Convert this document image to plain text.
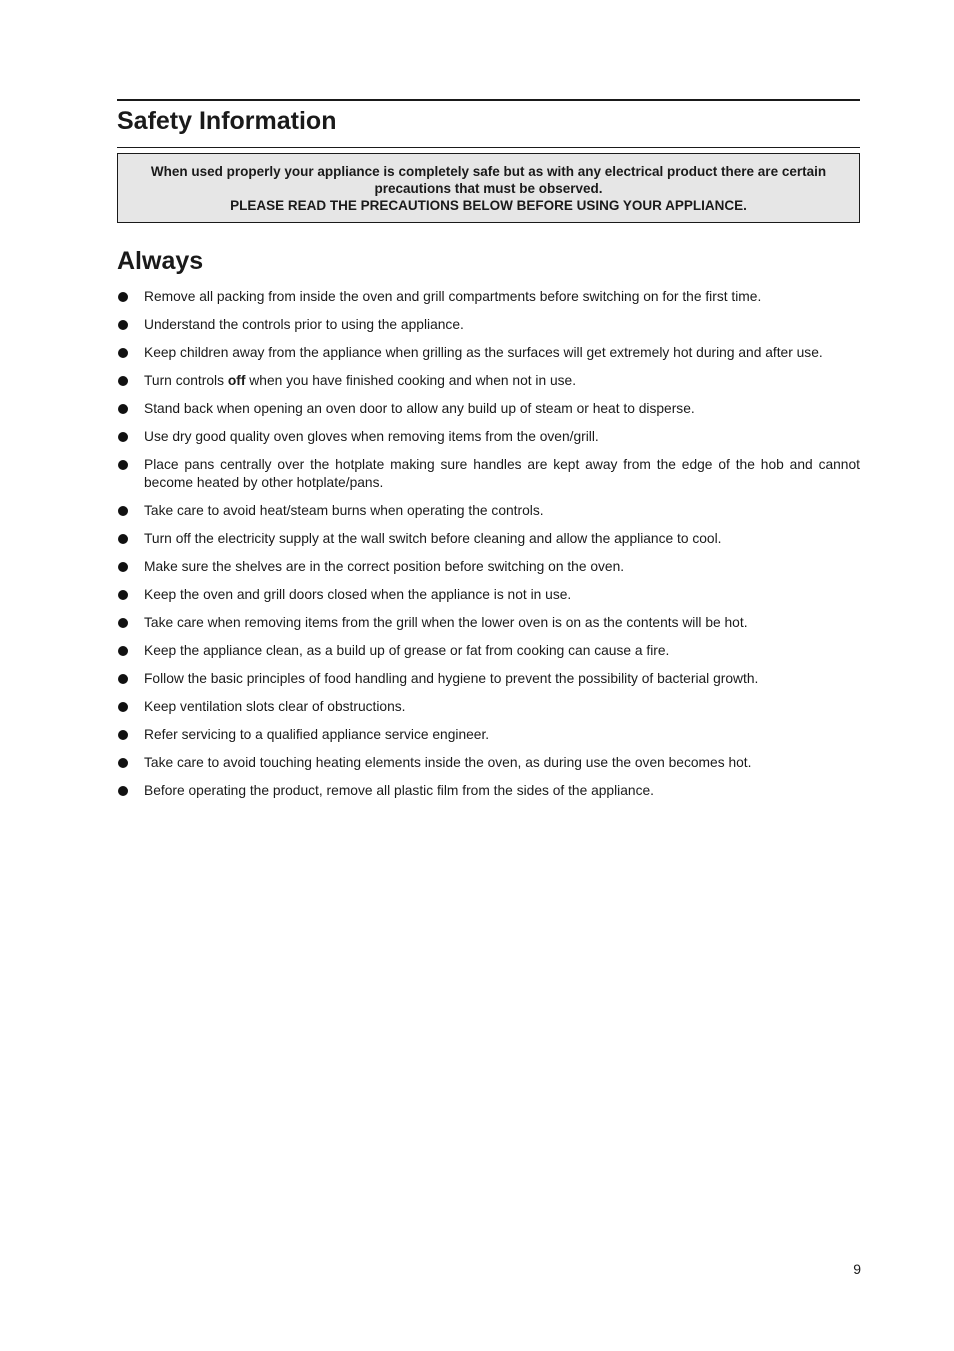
Safety Information
When used properly your appliance is completely safe but as with any electrical product there are certain precautions that must be observed.
PLEASE READ THE PRECAUTIONS BELOW BEFORE USING YOUR APPLIANCE.
Always
Remove all packing from inside the oven and grill compartments before switching on for the first time.
Understand the controls prior to using the appliance.
Keep children away from the appliance when grilling as the surfaces will get extremely hot during and after use.
Turn controls off when you have finished cooking and when not in use.
Stand back when opening an oven door to allow any build up of steam or heat to disperse.
Use dry good quality oven gloves when removing items from the oven/grill.
Place pans centrally over the hotplate making sure handles are kept away from the edge of the hob and cannot become heated by other hotplate/pans.
Take care to avoid heat/steam burns when operating the controls.
Turn off the electricity supply at the wall switch before cleaning and allow the appliance to cool.
Make sure the shelves are in the correct position before switching on the oven.
Keep the oven and grill doors closed when the appliance is not in use.
Take care when removing items from the grill when the lower oven is on as the contents will be hot.
Keep the appliance clean, as a build up of grease or fat from cooking can cause a fire.
Follow the basic principles of food handling and hygiene to prevent the possibility of bacterial growth.
Keep ventilation slots clear of obstructions.
Refer servicing to a qualified appliance service engineer.
Take care to avoid touching heating elements inside the oven, as during use the oven becomes hot.
Before operating the product, remove all plastic film from the sides of the appliance.
9
